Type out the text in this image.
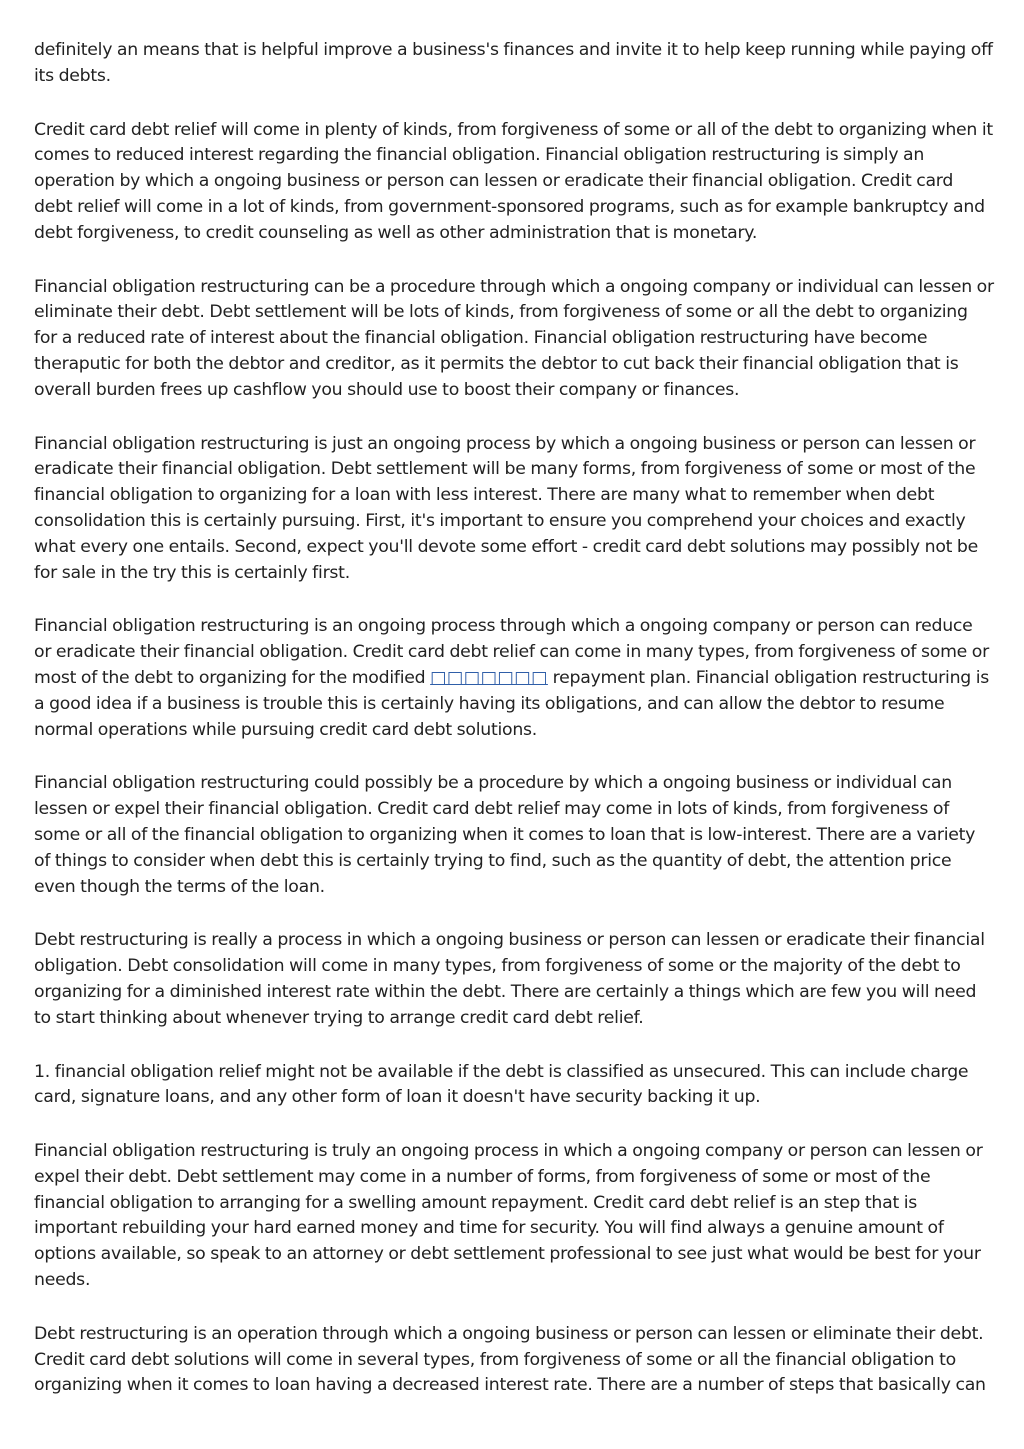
definitely an means that is helpful improve a business's finances and invite it to help keep running while paying off its debts.

Credit card debt relief will come in plenty of kinds, from forgiveness of some or all of the debt to organizing when it comes to reduced interest regarding the financial obligation. Financial obligation restructuring is simply an operation by which a ongoing business or person can lessen or eradicate their financial obligation. Credit card debt relief will come in a lot of kinds, from government-sponsored programs, such as for example bankruptcy and debt forgiveness, to credit counseling as well as other administration that is monetary.

Financial obligation restructuring can be a procedure through which a ongoing company or individual can lessen or eliminate their debt. Debt settlement will be lots of kinds, from forgiveness of some or all the debt to organizing for a reduced rate of interest about the financial obligation. Financial obligation restructuring have become theraputic for both the debtor and creditor, as it permits the debtor to cut back their financial obligation that is overall burden frees up cashflow you should use to boost their company or finances.

Financial obligation restructuring is just an ongoing process by which a ongoing business or person can lessen or eradicate their financial obligation. Debt settlement will be many forms, from forgiveness of some or most of the financial obligation to organizing for a loan with less interest. There are many what to remember when debt consolidation this is certainly pursuing. First, it's important to ensure you comprehend your choices and exactly what every one entails. Second, expect you'll devote some effort - credit card debt solutions may possibly not be for sale in the try this is certainly first.

Financial obligation restructuring is an ongoing process through which a ongoing company or person can reduce or eradicate their financial obligation. Credit card debt relief can come in many types, from forgiveness of some or most of the debt to organizing for the modified □□□□□□□ repayment plan. Financial obligation restructuring is a good idea if a business is trouble this is certainly having its obligations, and can allow the debtor to resume normal operations while pursuing credit card debt solutions.

Financial obligation restructuring could possibly be a procedure by which a ongoing business or individual can lessen or expel their financial obligation. Credit card debt relief may come in lots of kinds, from forgiveness of some or all of the financial obligation to organizing when it comes to loan that is low-interest. There are a variety of things to consider when debt this is certainly trying to find, such as the quantity of debt, the attention price even though the terms of the loan.

Debt restructuring is really a process in which a ongoing business or person can lessen or eradicate their financial obligation. Debt consolidation will come in many types, from forgiveness of some or the majority of the debt to organizing for a diminished interest rate within the debt. There are certainly a things which are few you will need to start thinking about whenever trying to arrange credit card debt relief.

1. financial obligation relief might not be available if the debt is classified as unsecured. This can include charge card, signature loans, and any other form of loan it doesn't have security backing it up.

Financial obligation restructuring is truly an ongoing process in which a ongoing company or person can lessen or expel their debt. Debt settlement may come in a number of forms, from forgiveness of some or most of the financial obligation to arranging for a swelling amount repayment. Credit card debt relief is an step that is important rebuilding your hard earned money and time for security. You will find always a genuine amount of options available, so speak to an attorney or debt settlement professional to see just what would be best for your needs.

Debt restructuring is an operation through which a ongoing business or person can lessen or eliminate their debt. Credit card debt solutions will come in several types, from forgiveness of some or all the financial obligation to organizing when it comes to loan having a decreased interest rate. There are a number of steps that basically can
